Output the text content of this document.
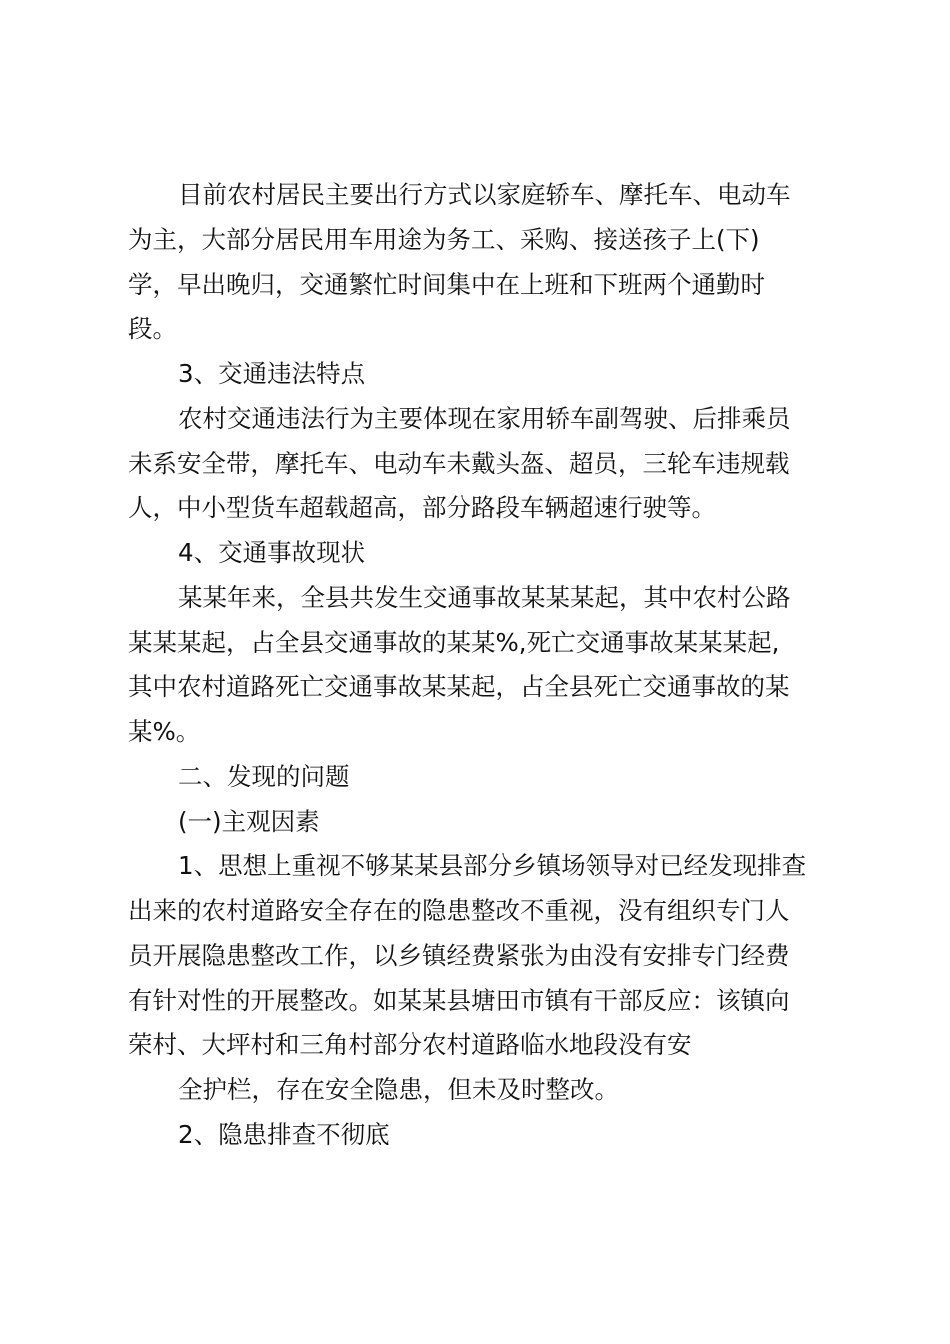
目前农村居民主要出行方式以家庭轿车、摩托车、电动车
为主，大部分居民用车用途为务工、采购、接送孩子上(下)
学，早出晚归，交通繁忙时间集中在上班和下班两个通勤时
段。
3、交通违法特点
农村交通违法行为主要体现在家用轿车副驾驶、后排乘员
未系安全带，摩托车、电动车未戴头盔、超员，三轮车违规载
人，中小型货车超载超高，部分路段车辆超速行驶等。
4、交通事故现状
某某年来，全县共发生交通事故某某某起，其中农村公路
某某某起，占全县交通事故的某某%,死亡交通事故某某某起,
其中农村道路死亡交通事故某某起，占全县死亡交通事故的某
某%。
二、发现的问题
(一)主观因素
1、思想上重视不够某某县部分乡镇场领导对已经发现排查
出来的农村道路安全存在的隐患整改不重视，没有组织专门人
员开展隐患整改工作，以乡镇经费紧张为由没有安排专门经费
有针对性的开展整改。如某某县塘田市镇有干部反应：该镇向
荣村、大坪村和三角村部分农村道路临水地段没有安
全护栏，存在安全隐患，但未及时整改。
2、隐患排查不彻底
